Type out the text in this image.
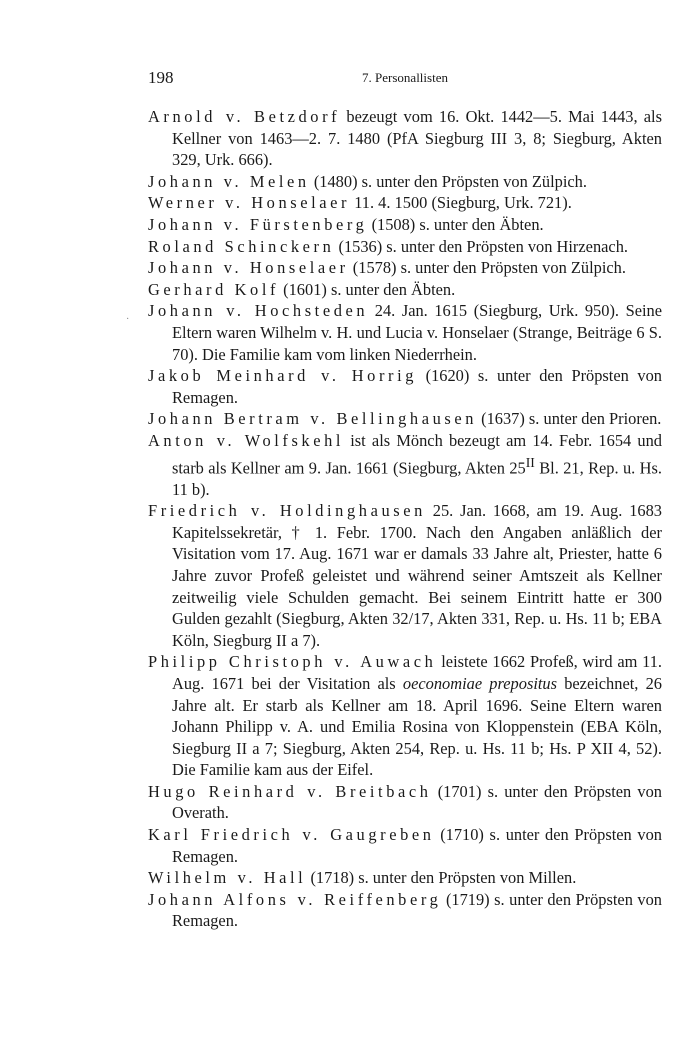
198	7. Personallisten
·

Arnold v. Betzdorf bezeugt vom 16. Okt. 1442—5. Mai 1443, als Kellner von 1463—2. 7. 1480 (PfA Siegburg III 3, 8; Siegburg, Akten 329, Urk. 666).

Johann v. Melen (1480) s. unter den Pröpsten von Zülpich.

Werner v. Honselaer 11. 4. 1500 (Siegburg, Urk. 721).

Johann v. Fürstenberg (1508) s. unter den Äbten.

Roland Schinckern (1536) s. unter den Pröpsten von Hirzenach.

Johann v. Honselaer (1578) s. unter den Pröpsten von Zülpich.

Gerhard Kolf (1601) s. unter den Äbten.

Johann v. Hochsteden 24. Jan. 1615 (Siegburg, Urk. 950). Seine Eltern waren Wilhelm v. H. und Lucia v. Honselaer (Strange, Beiträge 6 S. 70). Die Familie kam vom linken Niederrhein.

Jakob Meinhard v. Horrig (1620) s. unter den Pröpsten von Remagen.

Johann Bertram v. Bellinghausen (1637) s. unter den Prioren.

Anton v. Wolfskehl ist als Mönch bezeugt am 14. Febr. 1654 und starb als Kellner am 9. Jan. 1661 (Siegburg, Akten $25^{II}$ Bl. 21, Rep. u. Hs. 11 b).

Friedrich v. Holdinghausen 25. Jan. 1668, am 19. Aug. 1683 Kapitelssekretär, † 1. Febr. 1700. Nach den Angaben anläßlich der Visitation vom 17. Aug. 1671 war er damals 33 Jahre alt, Priester, hatte 6 Jahre zuvor Profeß geleistet und während seiner Amtszeit als Kellner zeitweilig viele Schulden gemacht. Bei seinem Eintritt hatte er 300 Gulden gezahlt (Siegburg, Akten 32/17, Akten 331, Rep. u. Hs. 11 b; EBA Köln, Siegburg II a 7).

Philipp Christoph v. Auwach leistete 1662 Profeß, wird am 11. Aug. 1671 bei der Visitation als oeconomiae prepositus bezeichnet, 26 Jahre alt. Er starb als Kellner am 18. April 1696. Seine Eltern waren Johann Philipp v. A. und Emilia Rosina von Kloppenstein (EBA Köln, Siegburg II a 7; Siegburg, Akten 254, Rep. u. Hs. 11 b; Hs. P XII 4, 52). Die Familie kam aus der Eifel.

Hugo Reinhard v. Breitbach (1701) s. unter den Pröpsten von Overath.

Karl Friedrich v. Gaugreben (1710) s. unter den Pröpsten von Remagen.

Wilhelm v. Hall (1718) s. unter den Pröpsten von Millen.

Johann Alfons v. Reiffenberg (1719) s. unter den Pröpsten von Remagen.
